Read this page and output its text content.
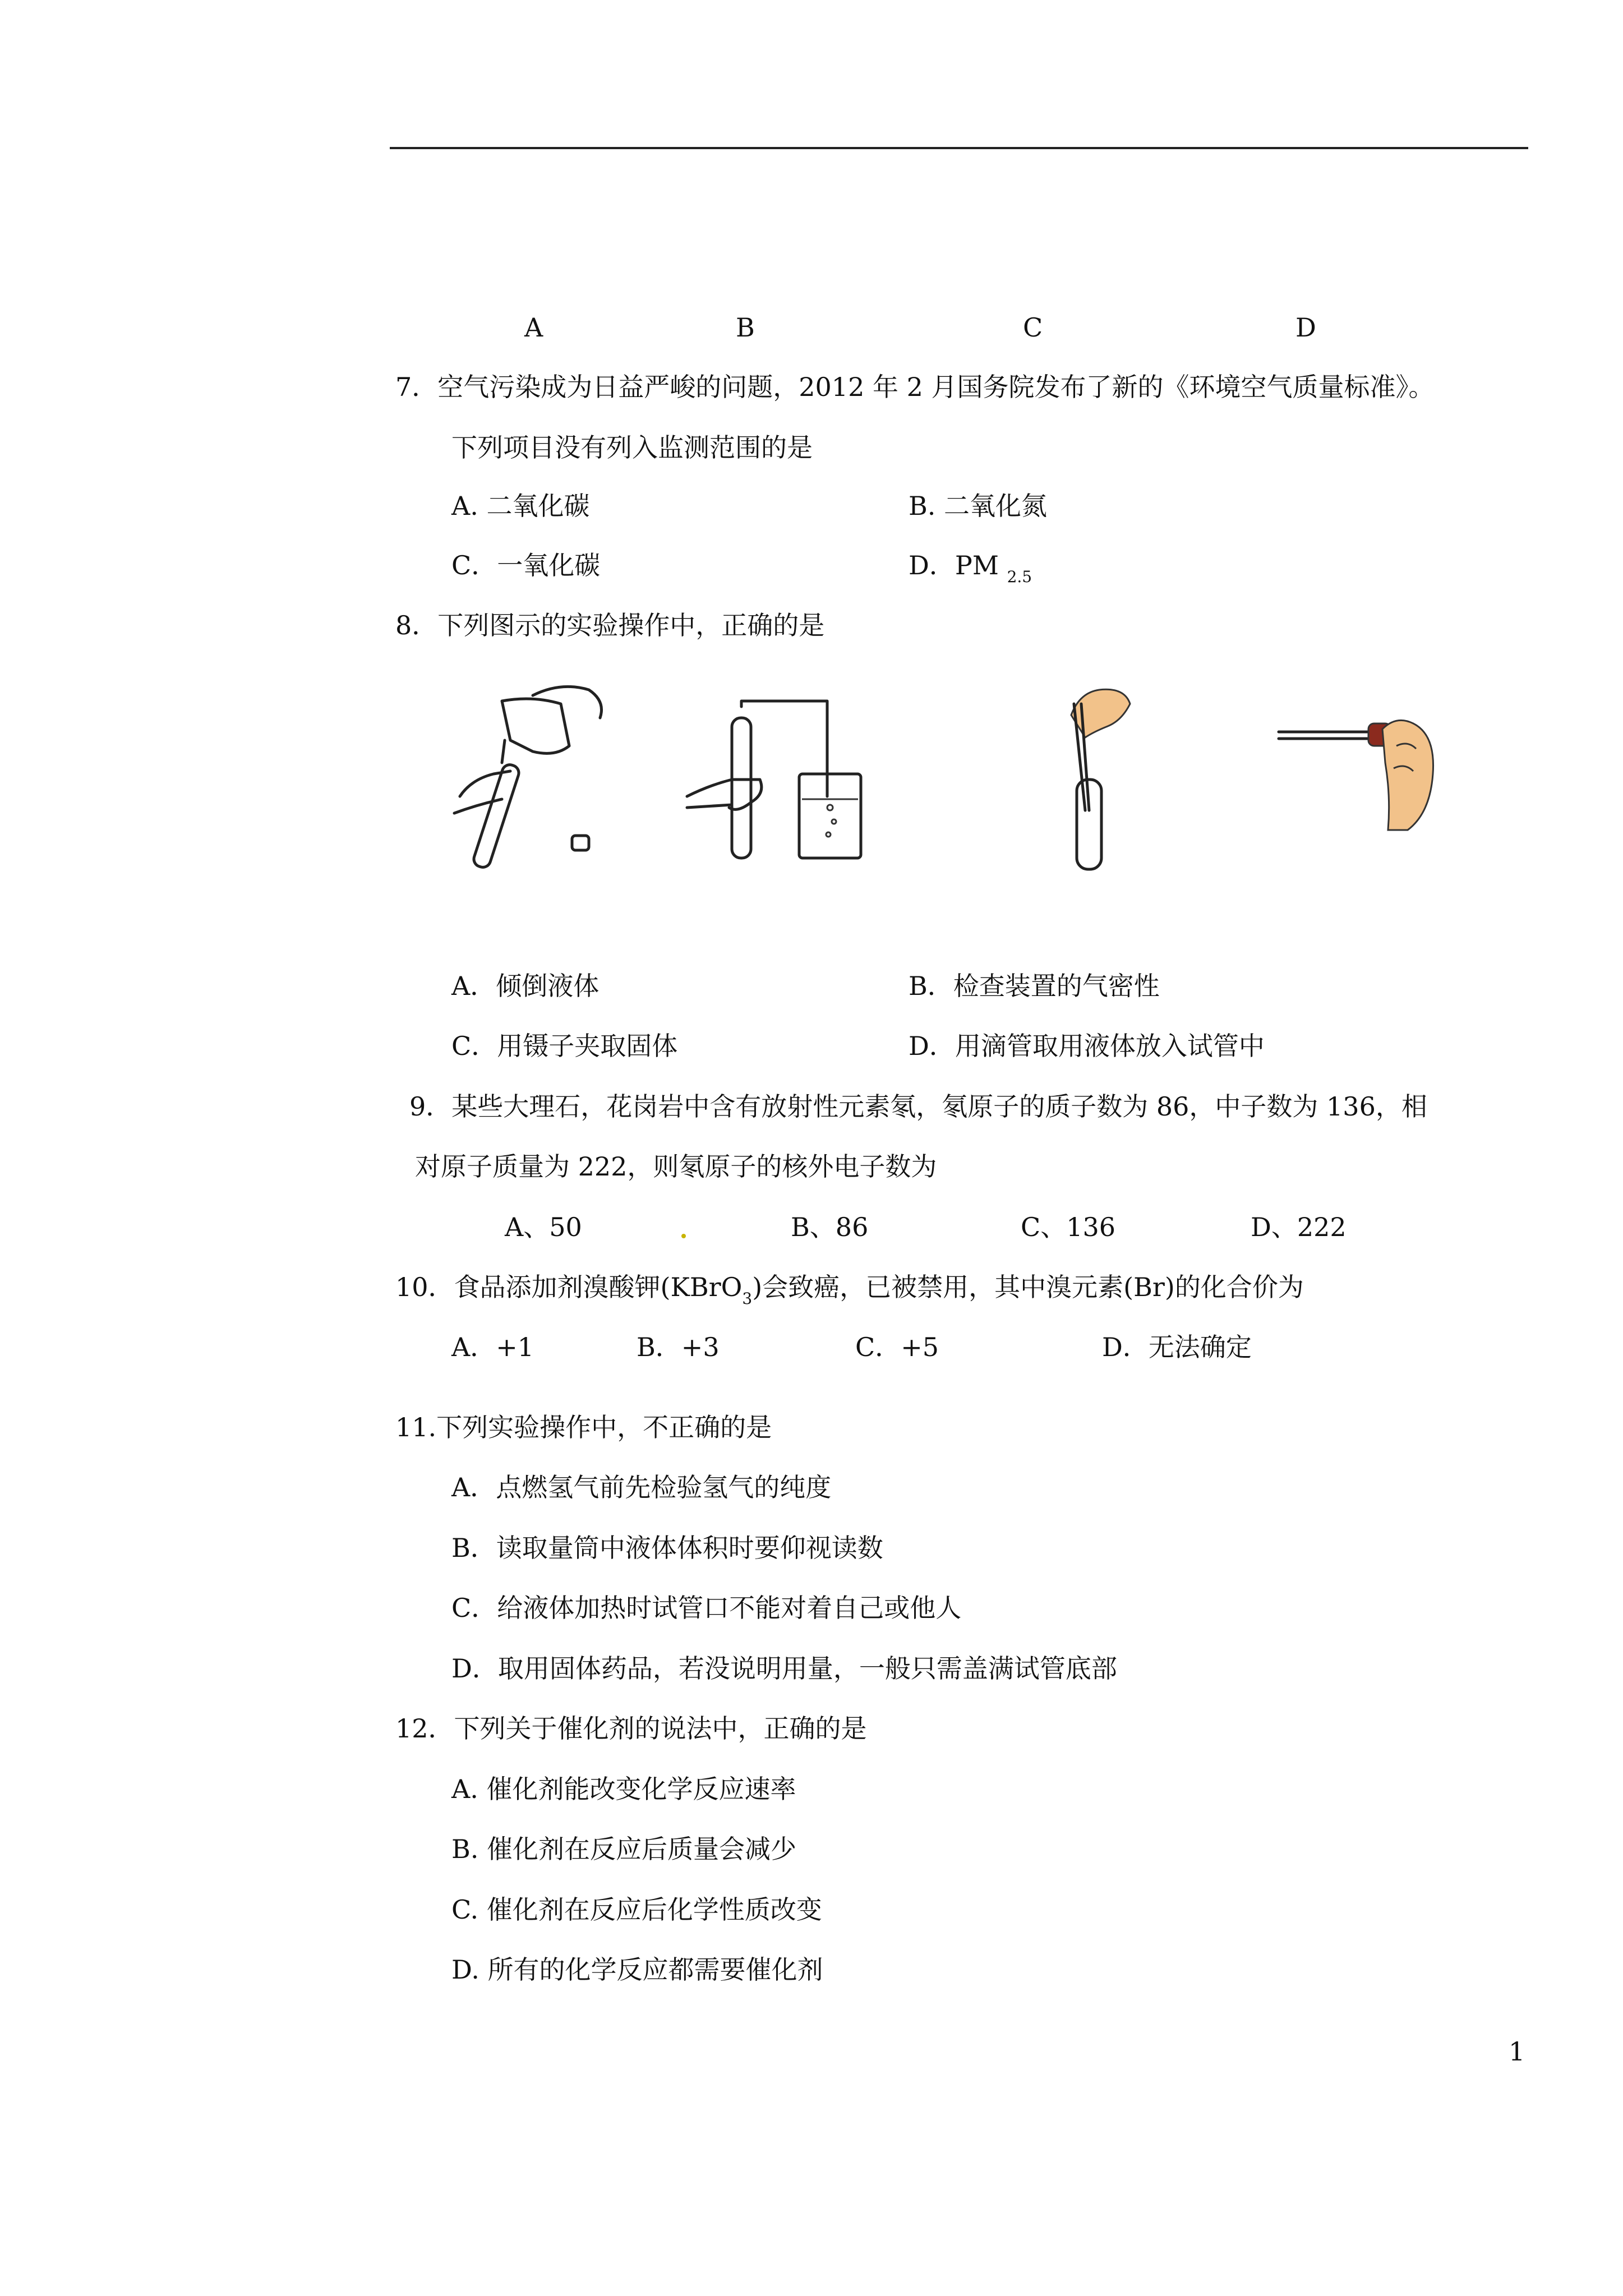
A	B	C	D
7．空气污染成为日益严峻的问题，2012 年 2 月国务院发布了新的《环境空气质量标准》。
下列项目没有列入监测范围的是
A. 二氧化碳	B. 二氧化氮
C．一氧化碳	D．PM $_{2.5}$
8．下列图示的实验操作中，正确的是
A．倾倒液体	B．检查装置的气密性
C．用镊子夹取固体	D．用滴管取用液体放入试管中
9．某些大理石，花岗岩中含有放射性元素氡，氡原子的质子数为 86，中子数为 136，相
对原子质量为 222，则氡原子的核外电子数为
A、50	B、86	C、136	D、222
10．食品添加剂溴酸钾(KBrO$_3$)会致癌，已被禁用，其中溴元素(Br)的化合价为
A．+1	B．+3	C．+5	D．无法确定
11.下列实验操作中，不正确的是
A．点燃氢气前先检验氢气的纯度
B．读取量筒中液体体积时要仰视读数
C．给液体加热时试管口不能对着自己或他人
D．取用固体药品，若没说明用量，一般只需盖满试管底部
12．下列关于催化剂的说法中，正确的是
A. 催化剂能改变化学反应速率
B. 催化剂在反应后质量会减少
C. 催化剂在反应后化学性质改变
D. 所有的化学反应都需要催化剂
1
